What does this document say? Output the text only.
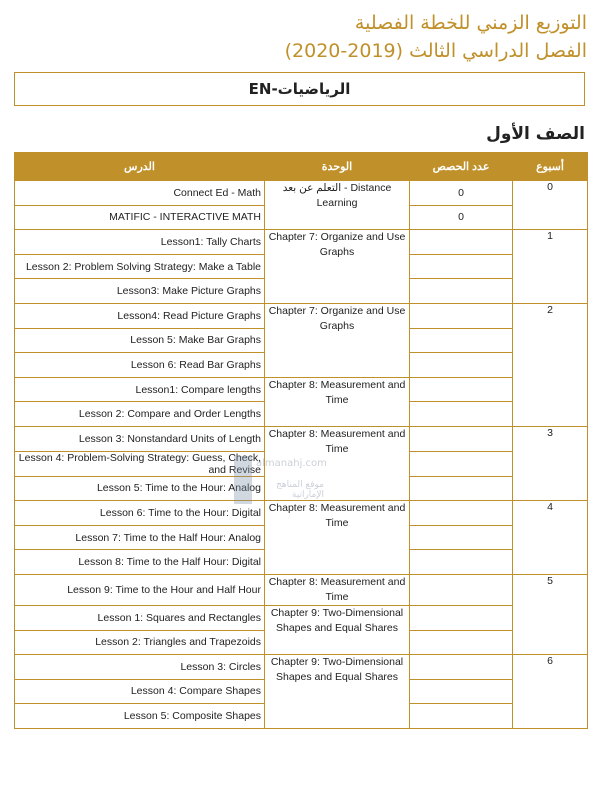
التوزيع الزمني للخطة الفصلية
الفصل الدراسي الثالث (2019-2020)
الرياضيات-EN
الصف الأول
الدرس	الوحدة	عدد الحصص	أسبوع
Connect Ed - Math	التعلم عن بعد - Distance Learning	0	0
MATIFIC - INTERACTIVE MATH		0	
Lesson1: Tally Charts	Chapter 7: Organize and Use Graphs		1
Lesson 2: Problem Solving Strategy: Make a Table			
Lesson3: Make Picture Graphs			
Lesson4: Read Picture Graphs	Chapter 7: Organize and Use Graphs		2
Lesson 5: Make Bar Graphs			
Lesson 6: Read Bar Graphs			
Lesson1: Compare lengths	Chapter 8: Measurement and Time		
Lesson 2: Compare and Order Lengths			
Lesson 3: Nonstandard Units of Length	Chapter 8: Measurement and Time		3
Lesson 4: Problem-Solving Strategy: Guess, Check, and Revise			
Lesson 5: Time to the Hour: Analog			
Lesson 6: Time to the Hour: Digital	Chapter 8: Measurement and Time		4
Lesson 7: Time to the Half Hour: Analog			
Lesson 8: Time to the Half Hour: Digital			
Lesson 9: Time to the Hour and Half Hour	Chapter 8: Measurement and Time		5
Lesson 1: Squares and Rectangles	Chapter 9: Two-Dimensional Shapes and Equal Shares		
Lesson 2: Triangles and Trapezoids			
Lesson 3: Circles	Chapter 9: Two-Dimensional Shapes and Equal Shares		6
Lesson 4: Compare Shapes			
Lesson 5: Composite Shapes			
almanahj.com
موقع المناهج الإماراتية
